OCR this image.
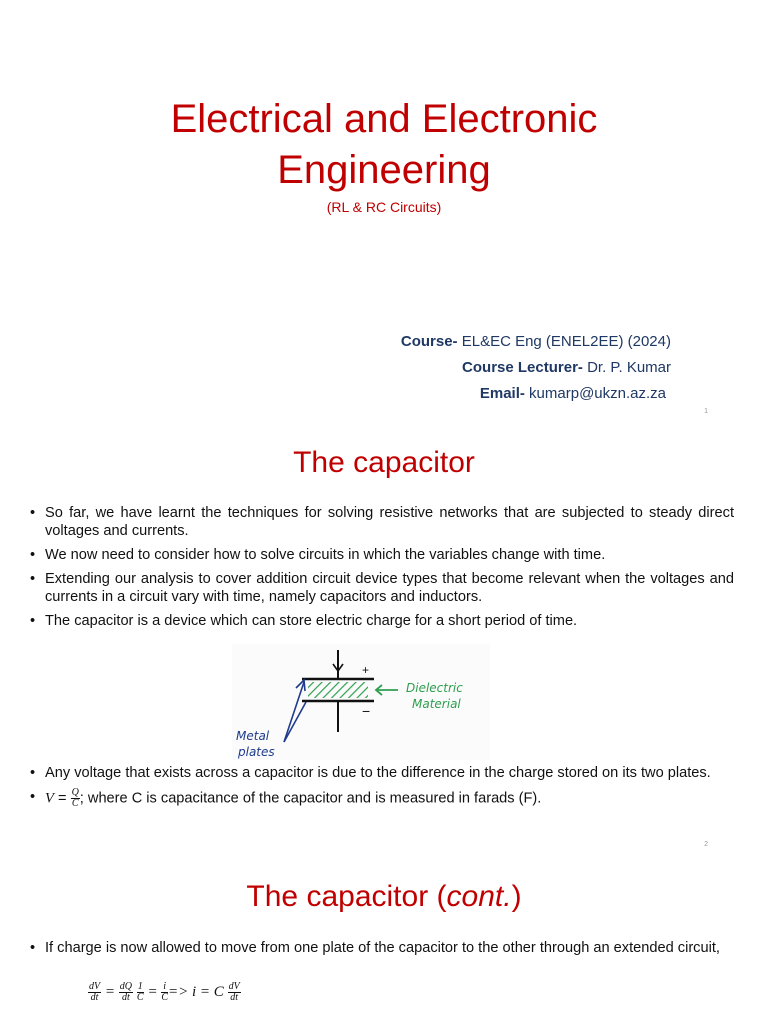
Electrical and Electronic
Engineering
(RL & RC Circuits)
Course- EL&EC Eng (ENEL2EE) (2024)
Course Lecturer- Dr. P. Kumar
Email- kumarp@ukzn.az.za
1
The capacitor
• So far, we have learnt the techniques for solving resistive networks that are subjected to steady direct voltages and currents.
• We now need to consider how to solve circuits in which the variables change with time.
• Extending our analysis to cover addition circuit device types that become relevant when the voltages and currents in a circuit vary with time, namely capacitors and inductors.
• The capacitor is a device which can store electric charge for a short period of time.
+
−
Dielectric
Material
Metal
plates
• Any voltage that exists across a capacitor is due to the difference in the charge stored on its two plates.
• $V = \frac{Q}{C}$ ; where C is capacitance of the capacitor and is measured in farads (F).
2
The capacitor (cont.)
• If charge is now allowed to move from one plate of the capacitor to the other through an extended circuit,
$\frac{dV}{dt} = \frac{dQ}{dt}$
$\frac{1}{C} = \frac{i}{C} => i = C \frac{dV}{dt}$
